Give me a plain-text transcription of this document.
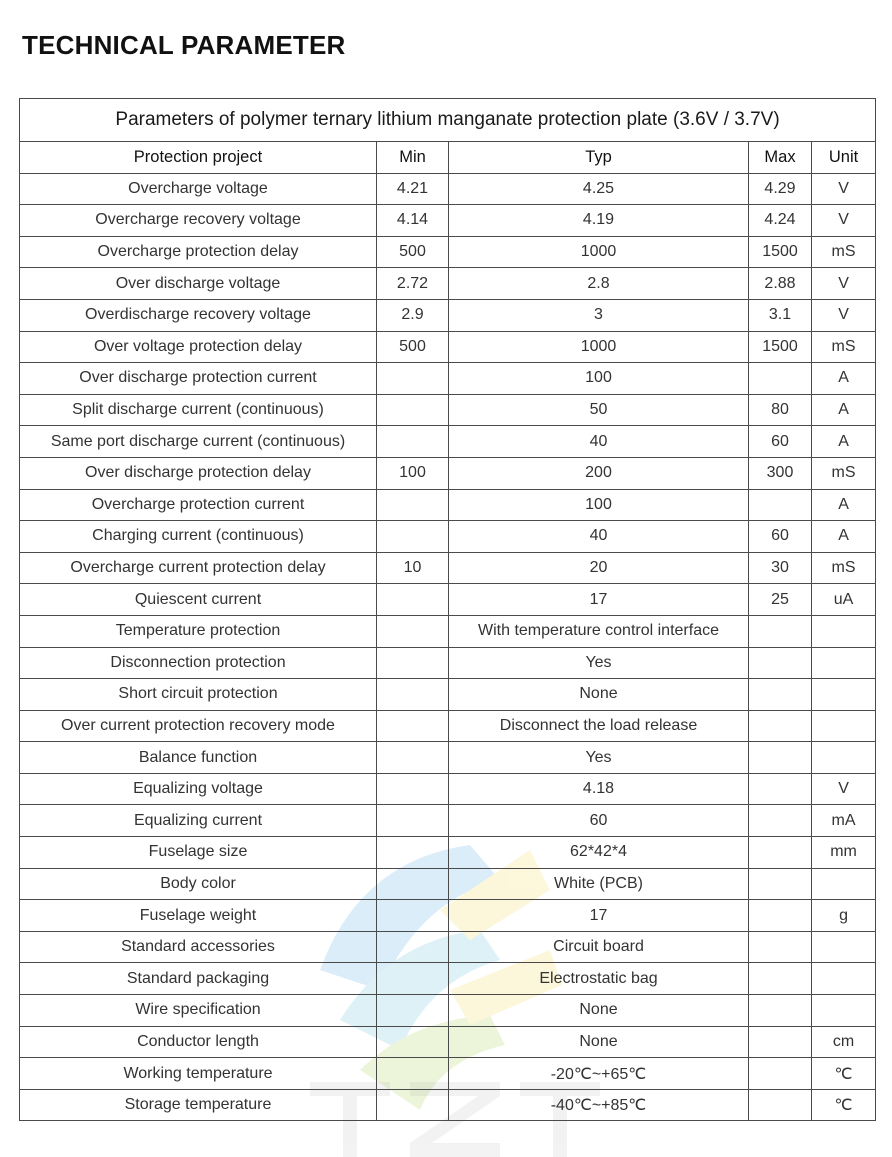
TECHNICAL PARAMETER
Parameters of polymer ternary lithium manganate protection plate (3.6V / 3.7V)				
Protection project	Min	Typ	Max	Unit
Overcharge voltage	4.21	4.25	4.29	V
Overcharge recovery voltage	4.14	4.19	4.24	V
Overcharge protection delay	500	1000	1500	mS
Over discharge voltage	2.72	2.8	2.88	V
Overdischarge recovery voltage	2.9	3	3.1	V
Over voltage protection delay	500	1000	1500	mS
Over discharge protection current		100		A
Split discharge current (continuous)		50	80	A
Same port discharge current (continuous)		40	60	A
Over discharge protection delay	100	200	300	mS
Overcharge protection current		100		A
Charging current (continuous)		40	60	A
Overcharge current protection delay	10	20	30	mS
Quiescent current		17	25	uA
Temperature protection		With temperature control interface		
Disconnection protection		Yes		
Short circuit protection		None		
Over current protection recovery mode		Disconnect the load release		
Balance function		Yes		
Equalizing voltage		4.18		V
Equalizing current		60		mA
Fuselage size		62*42*4		mm
Body color		White (PCB)		
Fuselage weight		17		g
Standard accessories		Circuit board		
Standard packaging		Electrostatic bag		
Wire specification		None		
Conductor length		None		cm
Working temperature		-20℃~+65℃		℃
Storage temperature		-40℃~+85℃		℃
